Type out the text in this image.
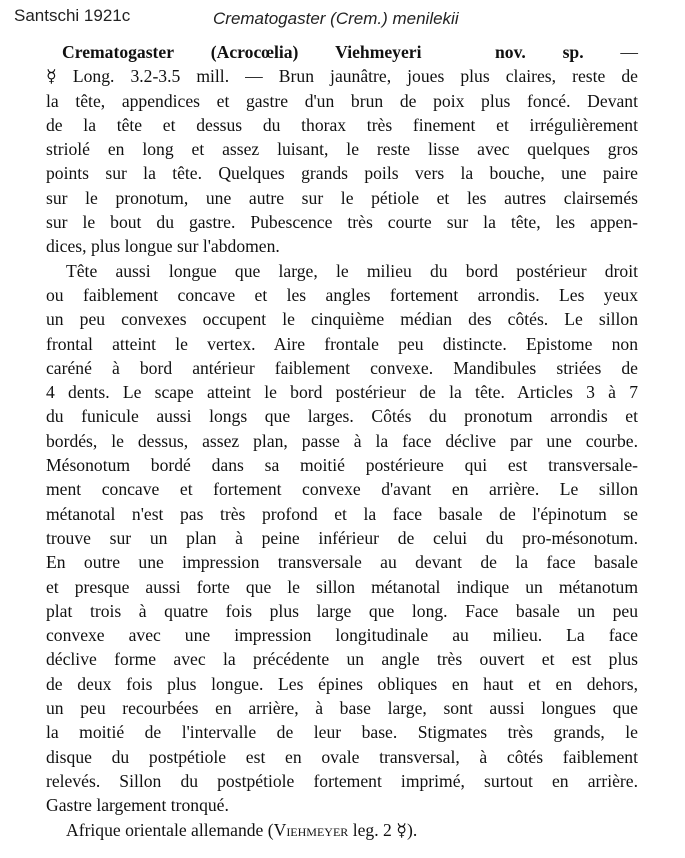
Santschi 1921c	Crematogaster (Crem.) menilekii
Crematogaster (Acrocœlia) Viehmeyeri	nov. sp. —
☿ Long. 3.2-3.5 mill. — Brun jaunâtre, joues plus claires, reste de
la tête, appendices et gastre d'un brun de poix plus foncé. Devant
de la tête et dessus du thorax très finement et irrégulièrement
striolé en long et assez luisant, le reste lisse avec quelques gros
points sur la tête. Quelques grands poils vers la bouche, une paire
sur le pronotum, une autre sur le pétiole et les autres clairsemés
sur le bout du gastre. Pubescence très courte sur la tête, les appen-
dices, plus longue sur l'abdomen.
Tête aussi longue que large, le milieu du bord postérieur droit
ou faiblement concave et les angles fortement arrondis. Les yeux
un peu convexes occupent le cinquième médian des côtés. Le sillon
frontal atteint le vertex. Aire frontale peu distincte. Epistome non
caréné à bord antérieur faiblement convexe. Mandibules striées de
4 dents. Le scape atteint le bord postérieur de la tête. Articles 3 à 7
du funicule aussi longs que larges. Côtés du pronotum arrondis et
bordés, le dessus, assez plan, passe à la face déclive par une courbe.
Mésonotum bordé dans sa moitié postérieure qui est transversale-
ment concave et fortement convexe d'avant en arrière. Le sillon
métanotal n'est pas très profond et la face basale de l'épinotum se
trouve sur un plan à peine inférieur de celui du pro-mésonotum.
En outre une impression transversale au devant de la face basale
et presque aussi forte que le sillon métanotal indique un métanotum
plat trois à quatre fois plus large que long. Face basale un peu
convexe avec une impression longitudinale au milieu. La face
déclive forme avec la précédente un angle très ouvert et est plus
de deux fois plus longue. Les épines obliques en haut et en dehors,
un peu recourbées en arrière, à base large, sont aussi longues que
la moitié de l'intervalle de leur base. Stigmates très grands, le
disque du postpétiole est en ovale transversal, à côtés faiblement
relevés. Sillon du postpétiole fortement imprimé, surtout en arrière.
Gastre largement tronqué.
Afrique orientale allemande (Viehmeyer leg. 2 ☿).
